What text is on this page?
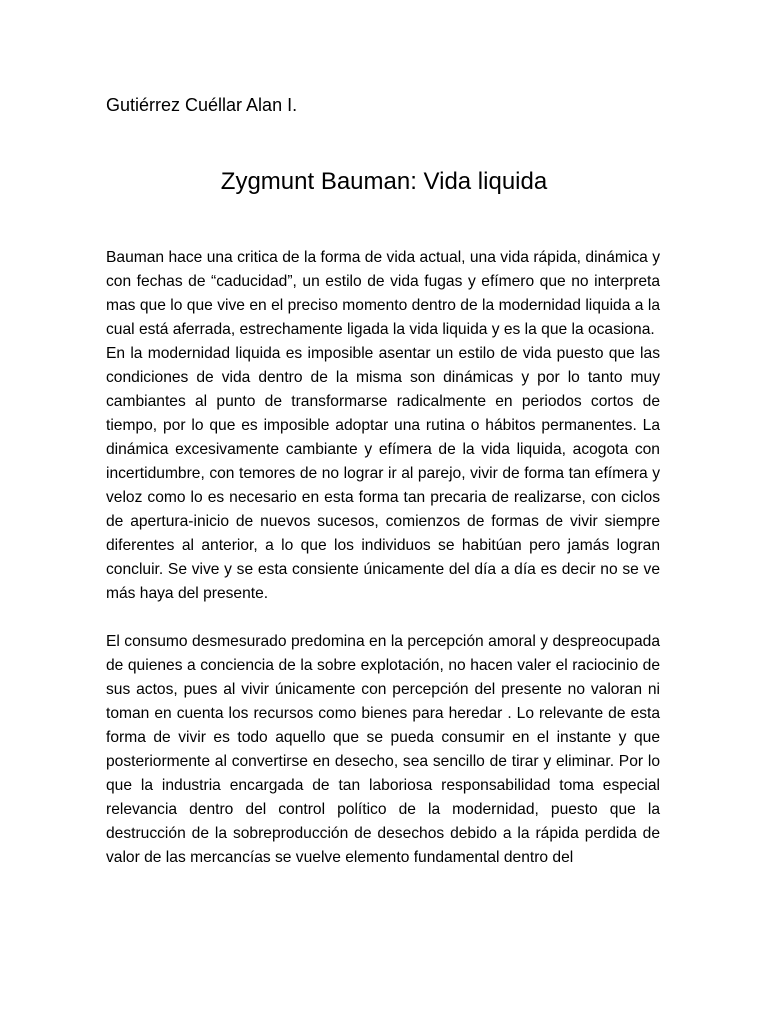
Gutiérrez Cuéllar Alan I.
Zygmunt Bauman: Vida liquida

Bauman hace una critica de la forma de vida actual, una vida rápida, dinámica y con fechas de “caducidad”, un estilo de vida fugas y efímero que no interpreta mas que lo que vive en el preciso momento dentro de la modernidad liquida a la cual está aferrada, estrechamente ligada la vida liquida y es la que la ocasiona.

En la modernidad liquida es imposible asentar un estilo de vida puesto que las condiciones de vida dentro de la misma son dinámicas y por lo tanto muy cambiantes al punto de transformarse radicalmente en periodos cortos de tiempo, por lo que es imposible adoptar una rutina o hábitos permanentes. La dinámica excesivamente cambiante y efímera de la vida liquida, acogota con incertidumbre, con temores de no lograr ir al parejo, vivir de forma tan efímera y veloz como lo es necesario en esta forma tan precaria de realizarse, con ciclos de apertura-inicio de nuevos sucesos, comienzos de formas de vivir siempre diferentes al anterior, a lo que los individuos se habitúan pero jamás logran concluir. Se vive y se esta consiente únicamente del día a día es decir no se ve más haya del presente.

El consumo desmesurado predomina en la percepción amoral y despreocupada de quienes a conciencia de la sobre explotación, no hacen valer el raciocinio de sus actos, pues al vivir únicamente con percepción del presente no valoran ni toman en cuenta los recursos como bienes para heredar . Lo relevante de esta forma de vivir es todo aquello que se pueda consumir en el instante y que posteriormente al convertirse en desecho, sea sencillo de tirar y eliminar. Por lo que la industria encargada de tan laboriosa responsabilidad toma especial relevancia dentro del control político de la modernidad, puesto que la destrucción de la sobreproducción de desechos debido a la rápida perdida de valor de las mercancías se vuelve elemento fundamental dentro del
